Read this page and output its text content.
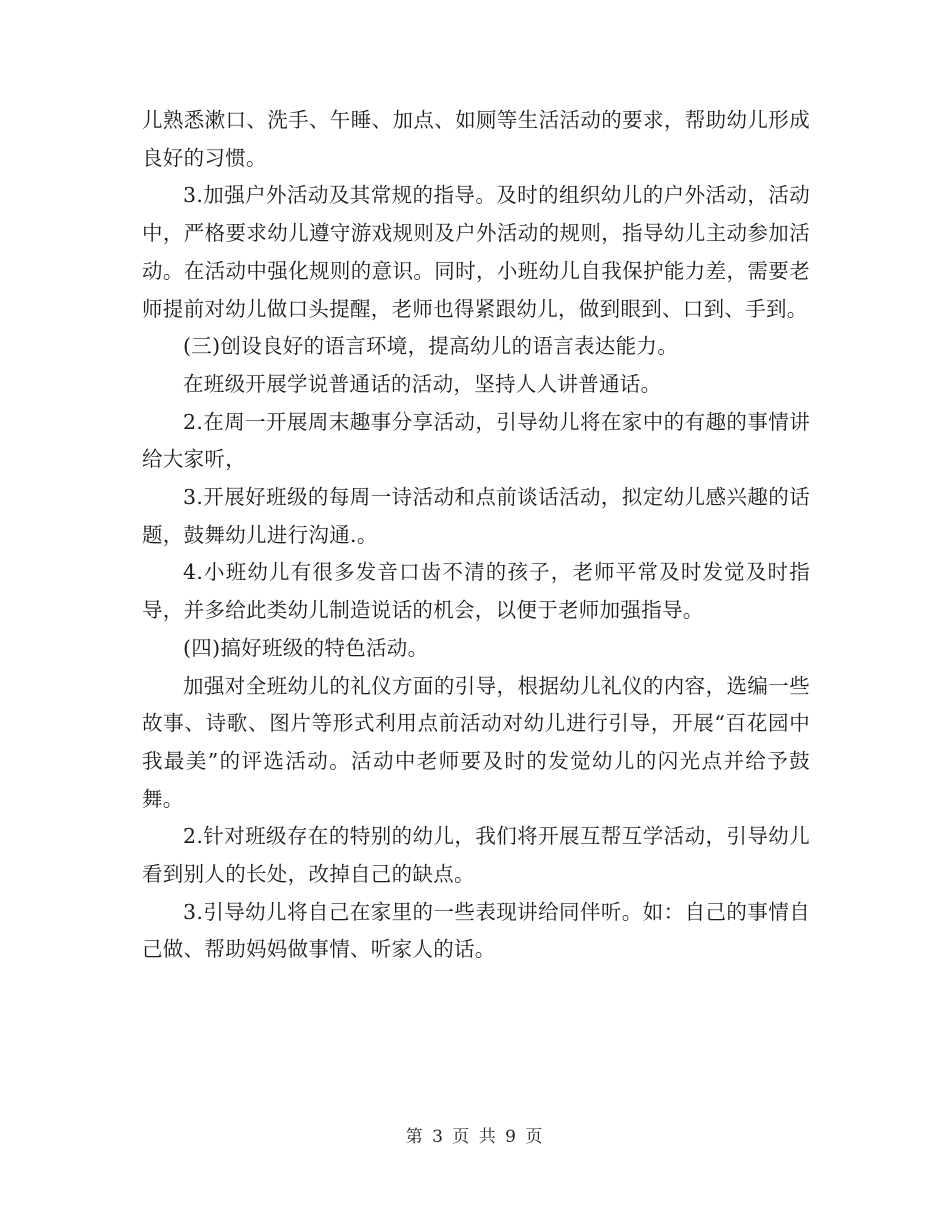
儿熟悉漱口、洗手、午睡、加点、如厕等生活活动的要求，帮助幼儿形成良好的习惯。

3.加强户外活动及其常规的指导。及时的组织幼儿的户外活动，活动中，严格要求幼儿遵守游戏规则及户外活动的规则，指导幼儿主动参加活动。在活动中强化规则的意识。同时，小班幼儿自我保护能力差，需要老师提前对幼儿做口头提醒，老师也得紧跟幼儿，做到眼到、口到、手到。

(三)创设良好的语言环境，提高幼儿的语言表达能力。

在班级开展学说普通话的活动，坚持人人讲普通话。

2.在周一开展周末趣事分享活动，引导幼儿将在家中的有趣的事情讲给大家听，

3.开展好班级的每周一诗活动和点前谈话活动，拟定幼儿感兴趣的话题，鼓舞幼儿进行沟通.。

4.小班幼儿有很多发音口齿不清的孩子，老师平常及时发觉及时指导，并多给此类幼儿制造说话的机会，以便于老师加强指导。

(四)搞好班级的特色活动。

加强对全班幼儿的礼仪方面的引导，根据幼儿礼仪的内容，选编一些故事、诗歌、图片等形式利用点前活动对幼儿进行引导，开展“百花园中我最美”的评选活动。活动中老师要及时的发觉幼儿的闪光点并给予鼓舞。

2.针对班级存在的特别的幼儿，我们将开展互帮互学活动，引导幼儿看到别人的长处，改掉自己的缺点。

3.引导幼儿将自己在家里的一些表现讲给同伴听。如：自己的事情自己做、帮助妈妈做事情、听家人的话。

第 3 页 共 9 页
